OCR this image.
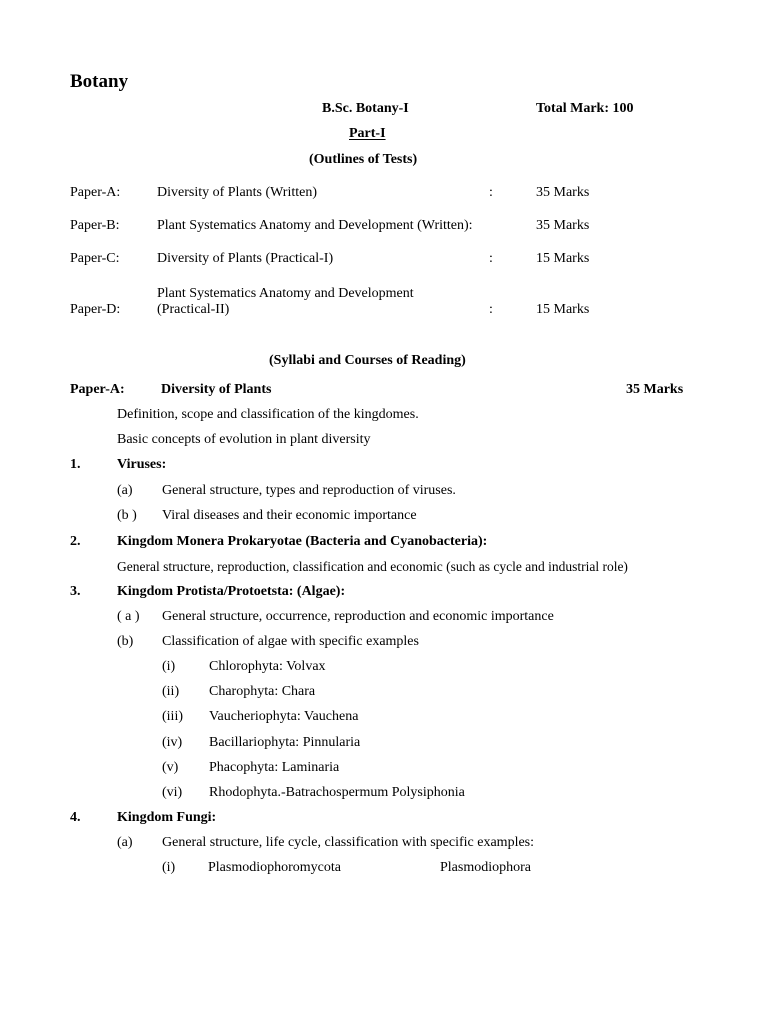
Botany
B.Sc. Botany-I	Total Mark: 100
Part-I
(Outlines of Tests)
Paper-A:	Diversity of Plants (Written)	:	35 Marks
Paper-B:	Plant Systematics Anatomy and Development (Written):	35 Marks
Paper-C:	Diversity of Plants (Practical-I)	:	15 Marks
Plant Systematics Anatomy and Development
Paper-D:	(Practical-II)	:	15 Marks
(Syllabi and Courses of Reading)
Paper-A:	Diversity of Plants	35 Marks
Definition, scope and classification of the kingdomes.
Basic concepts of evolution in plant diversity
1.	Viruses:
(a) General structure, types and reproduction of viruses.
(b ) Viral diseases and their economic importance
2.	Kingdom Monera Prokaryotae (Bacteria and Cyanobacteria):
General structure, reproduction, classification and economic (such as cycle and industrial role)
3.	Kingdom Protista/Protoetsta: (Algae):
( a ) General structure, occurrence, reproduction and economic importance
(b) Classification of algae with specific examples
(i) Chlorophyta: Volvax
(ii) Charophyta: Chara
(iii) Vaucheriophyta: Vauchena
(iv) Bacillariophyta: Pinnularia
(v) Phacophyta: Laminaria
(vi) Rhodophyta.-Batrachospermum Polysiphonia
4.	Kingdom Fungi:
(a) General structure, life cycle, classification with specific examples:
(i) Plasmodiophoromycota	Plasmodiophora
